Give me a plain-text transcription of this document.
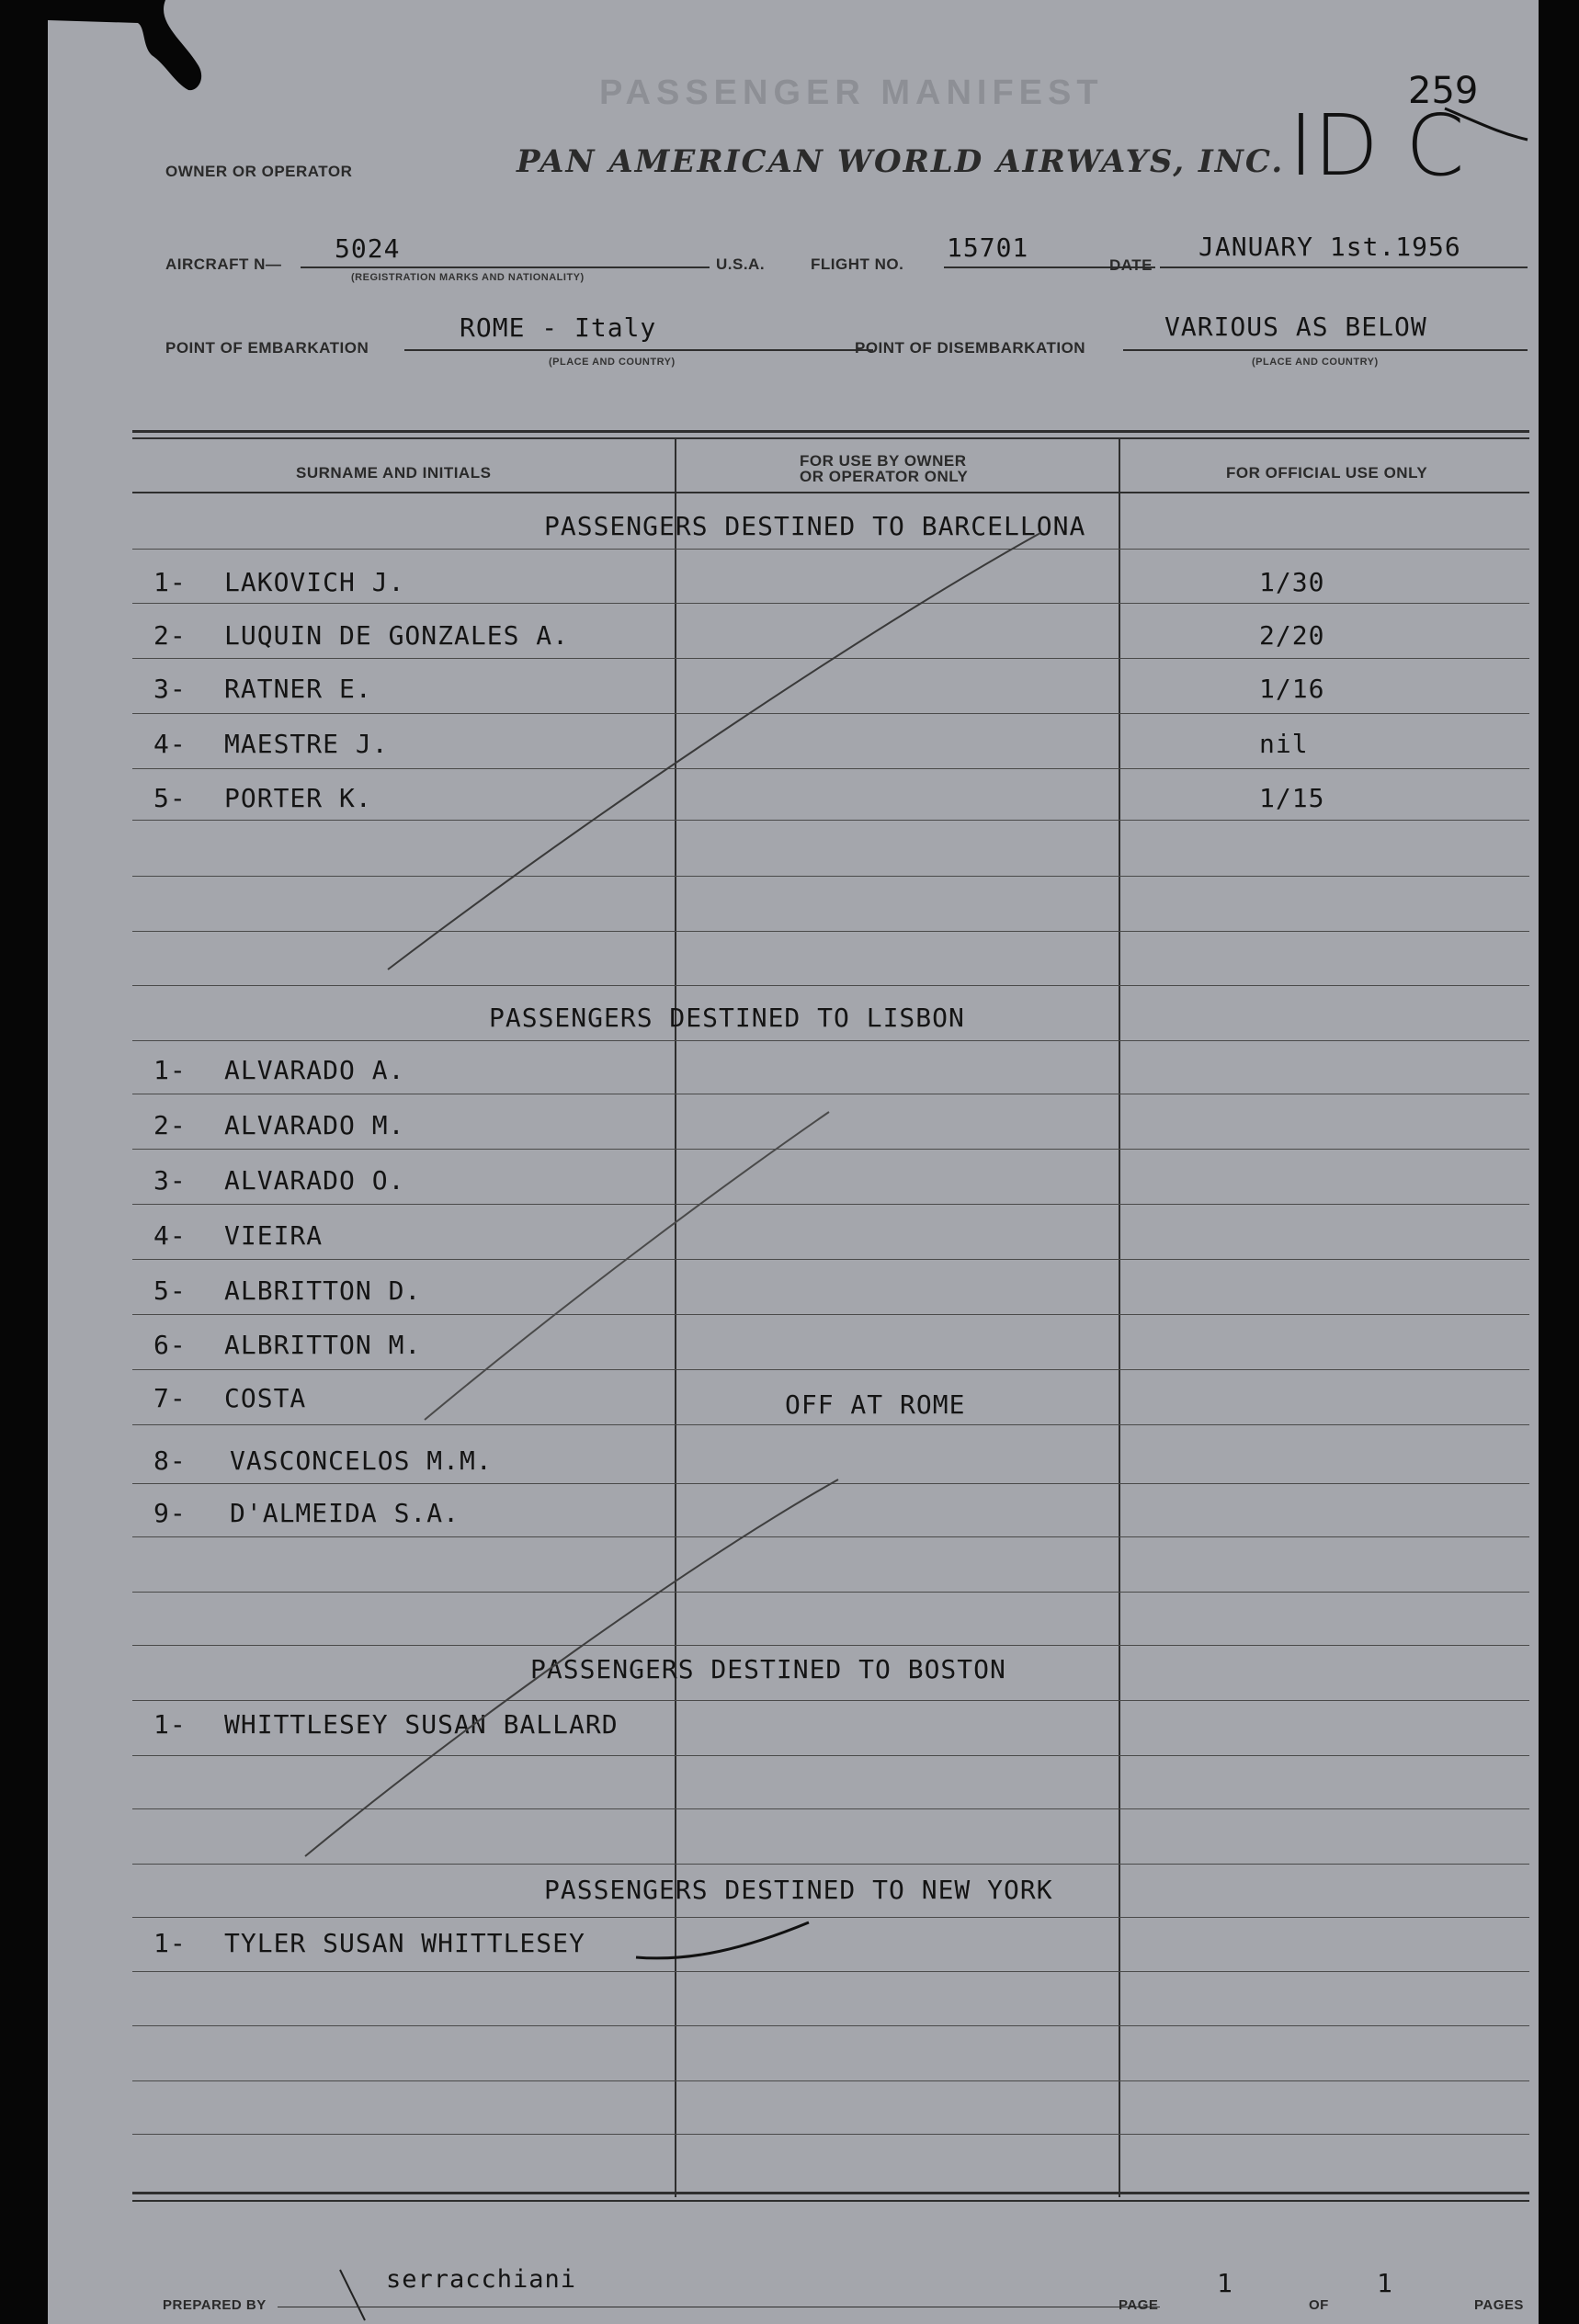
PASSENGER MANIFEST
OWNER OR OPERATOR	PAN AMERICAN WORLD AIRWAYS, INC.
259
ID C
AIRCRAFT N—
5024
(REGISTRATION MARKS AND NATIONALITY)
U.S.A.	FLIGHT NO.
15701
DATE
JANUARY 1st.1956
POINT OF EMBARKATION
ROME - Italy
(PLACE AND COUNTRY)
POINT OF DISEMBARKATION
VARIOUS AS BELOW
(PLACE AND COUNTRY)
SURNAME AND INITIALS
FOR USE BY OWNER
OR OPERATOR ONLY	FOR OFFICIAL USE ONLY
PASSENGERS DESTINED TO BARCELLONA
1- LAKOVICH J.	1/30
2- LUQUIN DE GONZALES A.	2/20
3- RATNER E.	1/16
4- MAESTRE J.	nil
5- PORTER K.	1/15
PASSENGERS DESTINED TO LISBON
1- ALVARADO A.
2- ALVARADO M.
3- ALVARADO O.
4- VIEIRA
5- ALBRITTON D.
6- ALBRITTON M.
7- COSTA	OFF AT ROME
8- VASCONCELOS M.M.
9- D'ALMEIDA S.A.
PASSENGERS DESTINED TO BOSTON
1- WHITTLESEY SUSAN BALLARD
PASSENGERS DESTINED TO NEW YORK
1- TYLER SUSAN WHITTLESEY
PREPARED BY
serracchiani
PAGE
1
OF
1
PAGES
